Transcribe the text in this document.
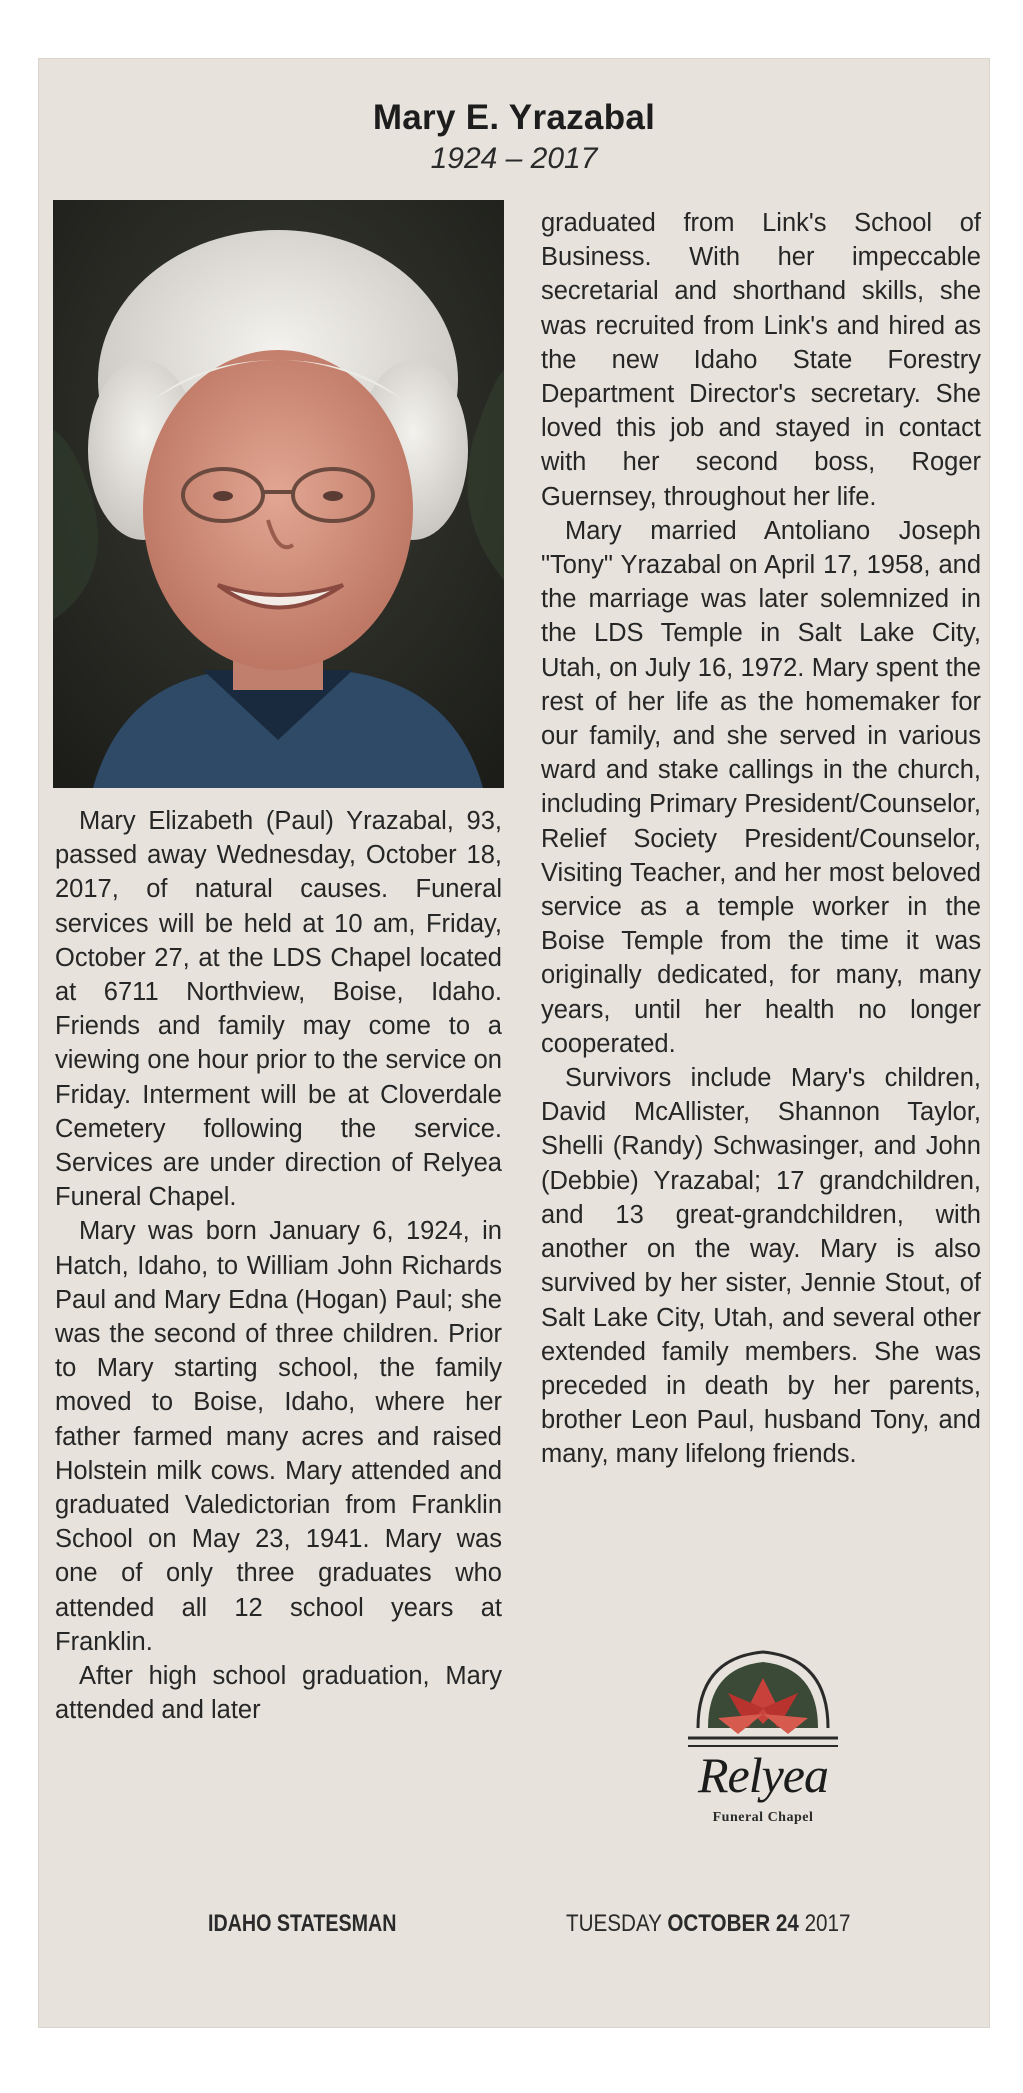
Mary E. Yrazabal
1924 – 2017

Mary Elizabeth (Paul) Yrazabal, 93, passed away Wednesday, October 18, 2017, of natural causes. Funeral services will be held at 10 am, Friday, October 27, at the LDS Chapel located at 6711 Northview, Boise, Idaho. Friends and family may come to a viewing one hour prior to the service on Friday. Interment will be at Cloverdale Cemetery following the service. Services are under direction of Relyea Funeral Chapel.

Mary was born January 6, 1924, in Hatch, Idaho, to William John Richards Paul and Mary Edna (Hogan) Paul; she was the second of three children. Prior to Mary starting school, the family moved to Boise, Idaho, where her father farmed many acres and raised Holstein milk cows. Mary attended and graduated Valedictorian from Franklin School on May 23, 1941. Mary was one of only three graduates who attended all 12 school years at Franklin.

After high school graduation, Mary attended and later

graduated from Link's School of Business. With her impeccable secretarial and shorthand skills, she was recruited from Link's and hired as the new Idaho State Forestry Department Director's secretary. She loved this job and stayed in contact with her second boss, Roger Guernsey, throughout her life.

Mary married Antoliano Joseph "Tony" Yrazabal on April 17, 1958, and the marriage was later solemnized in the LDS Temple in Salt Lake City, Utah, on July 16, 1972. Mary spent the rest of her life as the homemaker for our family, and she served in various ward and stake callings in the church, including Primary President/Counselor, Relief Society President/Counselor, Visiting Teacher, and her most beloved service as a temple worker in the Boise Temple from the time it was originally dedicated, for many, many years, until her health no longer cooperated.

Survivors include Mary's children, David McAllister, Shannon Taylor, Shelli (Randy) Schwasinger, and John (Debbie) Yrazabal; 17 grandchildren, and 13 great-grandchildren, with another on the way. Mary is also survived by her sister, Jennie Stout, of Salt Lake City, Utah, and several other extended family members. She was preceded in death by her parents, brother Leon Paul, husband Tony, and many, many lifelong friends.

Relyea
Funeral Chapel
IDAHO STATESMAN	TUESDAY OCTOBER 24 2017
